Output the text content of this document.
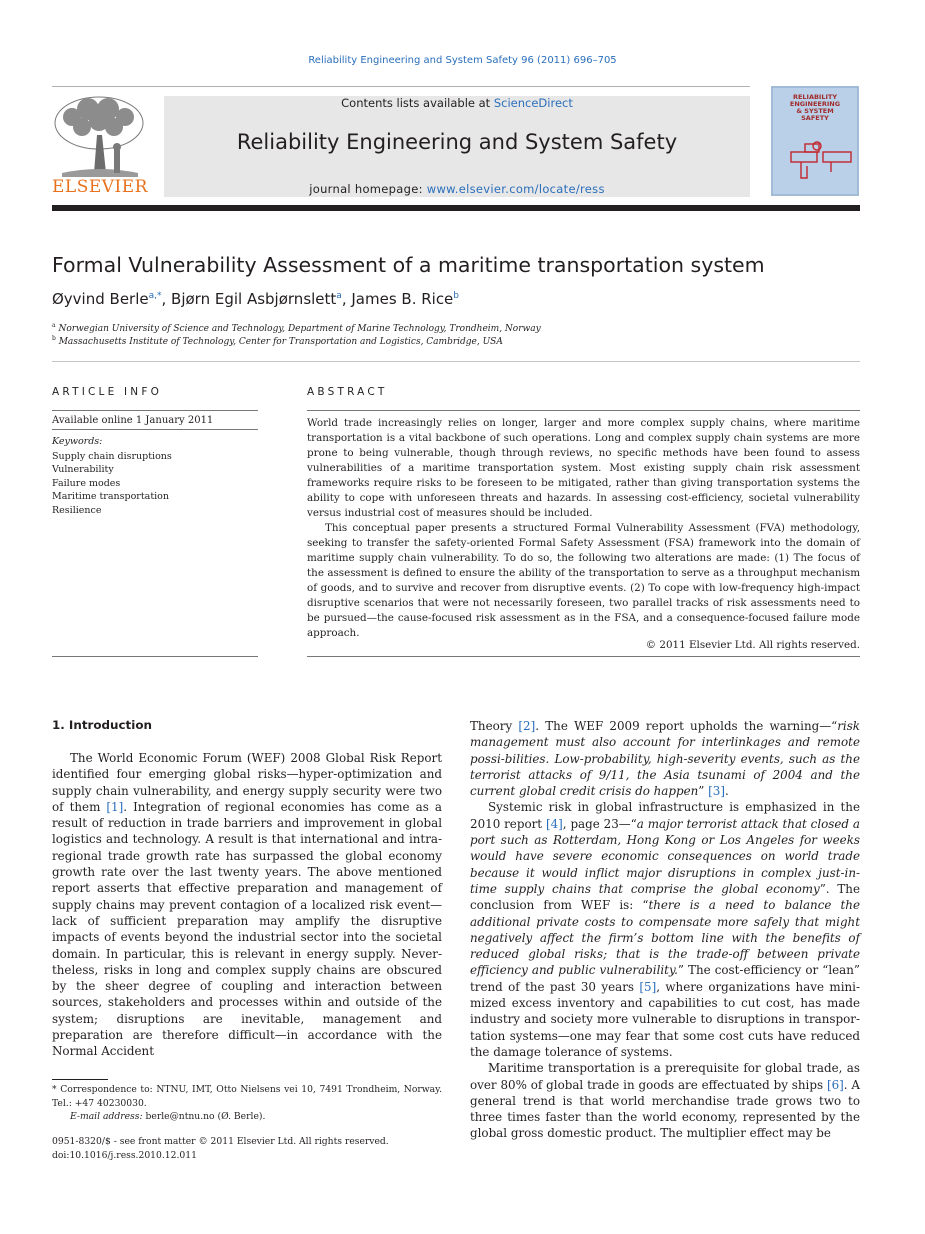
Reliability Engineering and System Safety 96 (2011) 696–705
ELSEVIER
Contents lists available at ScienceDirect
Reliability Engineering and System Safety
journal homepage: www.elsevier.com/locate/ress
RELIABILITY
ENGINEERING
& SYSTEM
SAFETY
Formal Vulnerability Assessment of a maritime transportation system
Øyvind Berle$^{a,*}$, Bjørn Egil Asbjørnslett$^a$, James B. Rice$^b$
$^a$ Norwegian University of Science and Technology, Department of Marine Technology, Trondheim, Norway
$^b$ Massachusetts Institute of Technology, Center for Transportation and Logistics, Cambridge, USA
ARTICLE INFO
Available online 1 January 2011
Keywords:
Supply chain disruptions
Vulnerability
Failure modes
Maritime transportation
Resilience
ABSTRACT

World trade increasingly relies on longer, larger and more complex supply chains, where maritime transportation is a vital backbone of such operations. Long and complex supply chain systems are more prone to being vulnerable, though through reviews, no specific methods have been found to assess vulnerabilities of a maritime transportation system. Most existing supply chain risk assessment frameworks require risks to be foreseen to be mitigated, rather than giving transportation systems the ability to cope with unforeseen threats and hazards. In assessing cost-efficiency, societal vulnerability versus industrial cost of measures should be included.

This conceptual paper presents a structured Formal Vulnerability Assessment (FVA) methodology, seeking to transfer the safety-oriented Formal Safety Assessment (FSA) framework into the domain of maritime supply chain vulnerability. To do so, the following two alterations are made: (1) The focus of the assessment is defined to ensure the ability of the transportation to serve as a throughput mechanism of goods, and to survive and recover from disruptive events. (2) To cope with low-frequency high-impact disruptive scenarios that were not necessarily foreseen, two parallel tracks of risk assessments need to be pursued—the cause-focused risk assessment as in the FSA, and a consequence-focused failure mode approach.

© 2011 Elsevier Ltd. All rights reserved.
1. Introduction

The World Economic Forum (WEF) 2008 Global Risk Report identified four emerging global risks—hyper-optimization and supply chain vulnerability, and energy supply security were two of them [1]. Integration of regional economies has come as a result of reduction in trade barriers and improvement in global logistics and technology. A result is that international and intra-regional trade growth rate has surpassed the global economy growth rate over the last twenty years. The above mentioned report asserts that effective preparation and management of supply chains may prevent contagion of a localized risk event—lack of sufficient preparation may amplify the disruptive impacts of events beyond the industrial sector into the societal domain. In particular, this is relevant in energy supply. Never-theless, risks in long and complex supply chains are obscured by the sheer degree of coupling and interaction between sources, stakeholders and processes within and outside of the system; disruptions are inevitable, management and preparation are therefore difficult—in accordance with the Normal Accident

Theory [2]. The WEF 2009 report upholds the warning—“risk management must also account for interlinkages and remote possi-bilities. Low-probability, high-severity events, such as the terrorist attacks of 9/11, the Asia tsunami of 2004 and the current global credit crisis do happen” [3].

Systemic risk in global infrastructure is emphasized in the 2010 report [4], page 23—“a major terrorist attack that closed a port such as Rotterdam, Hong Kong or Los Angeles for weeks would have severe economic consequences on world trade because it would inflict major disruptions in complex just-in-time supply chains that comprise the global economy”. The conclusion from WEF is: “there is a need to balance the additional private costs to compensate more safely that might negatively affect the firm’s bottom line with the benefits of reduced global risks; that is the trade-off between private efficiency and public vulnerability.” The cost-efficiency or “lean” trend of the past 30 years [5], where organizations have mini-mized excess inventory and capabilities to cut cost, has made industry and society more vulnerable to disruptions in transpor-tation systems—one may fear that some cost cuts have reduced the damage tolerance of systems.

Maritime transportation is a prerequisite for global trade, as over 80% of global trade in goods are effectuated by ships [6]. A general trend is that world merchandise trade grows two to three times faster than the world economy, represented by the global gross domestic product. The multiplier effect may be

* Correspondence to: NTNU, IMT, Otto Nielsens vei 10, 7491 Trondheim, Norway. Tel.: +47 40230030.

E-mail address: berle@ntnu.no (Ø. Berle).

0951-8320/$ - see front matter © 2011 Elsevier Ltd. All rights reserved.
doi:10.1016/j.ress.2010.12.011
